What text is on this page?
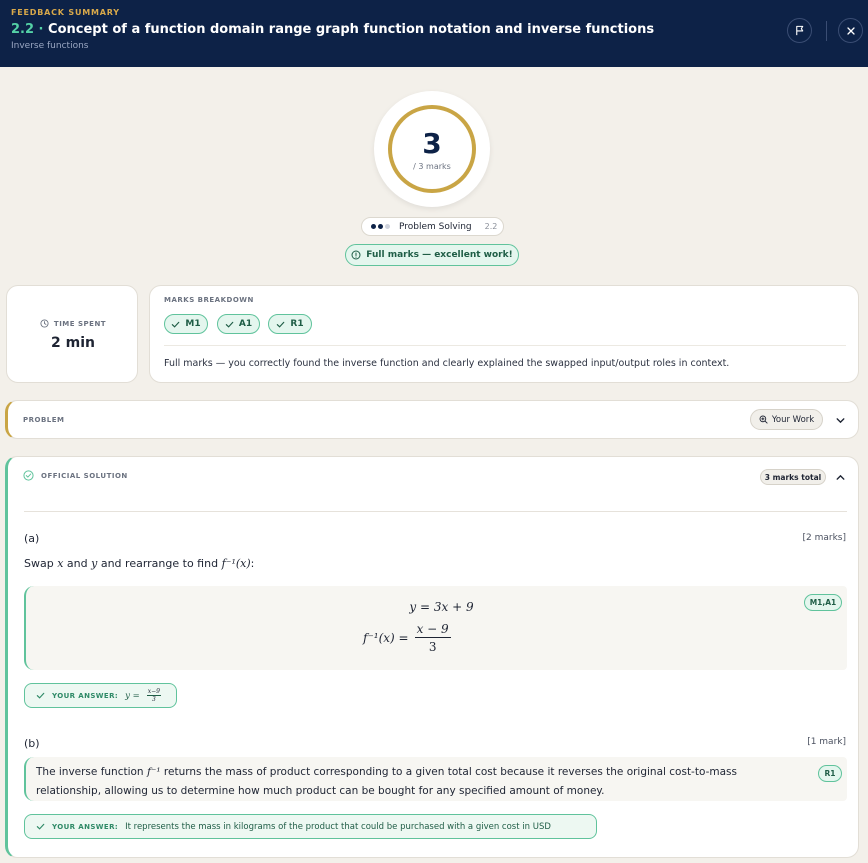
FEEDBACK SUMMARY
2.2 · Concept of a function domain range graph function notation and inverse functions
Inverse functions
3
/ 3 marks
Problem Solving 2.2
Full marks — excellent work!
TIME SPENT
2 min
MARKS BREAKDOWN
M1	A1	R1
Full marks — you correctly found the inverse function and clearly explained the swapped input/output roles in context.
PROBLEM	Your Work
OFFICIAL SOLUTION	3 marks total
(a)	[2 marks]
Swap x and y and rearrange to find f⁻¹(x):
y = 3x + 9
$f^{-1}(x) = \frac{x - 9}{3}$
M1,A1
YOUR ANSWER: $y = \frac{x-9}{3}$
(b)	[1 mark]
The inverse function f⁻¹ returns the mass of product corresponding to a given total cost because it reverses the original cost-to-mass relationship, allowing us to determine how much product can be bought for any specified amount of money.
R1
YOUR ANSWER: It represents the mass in kilograms of the product that could be purchased with a given cost in USD
